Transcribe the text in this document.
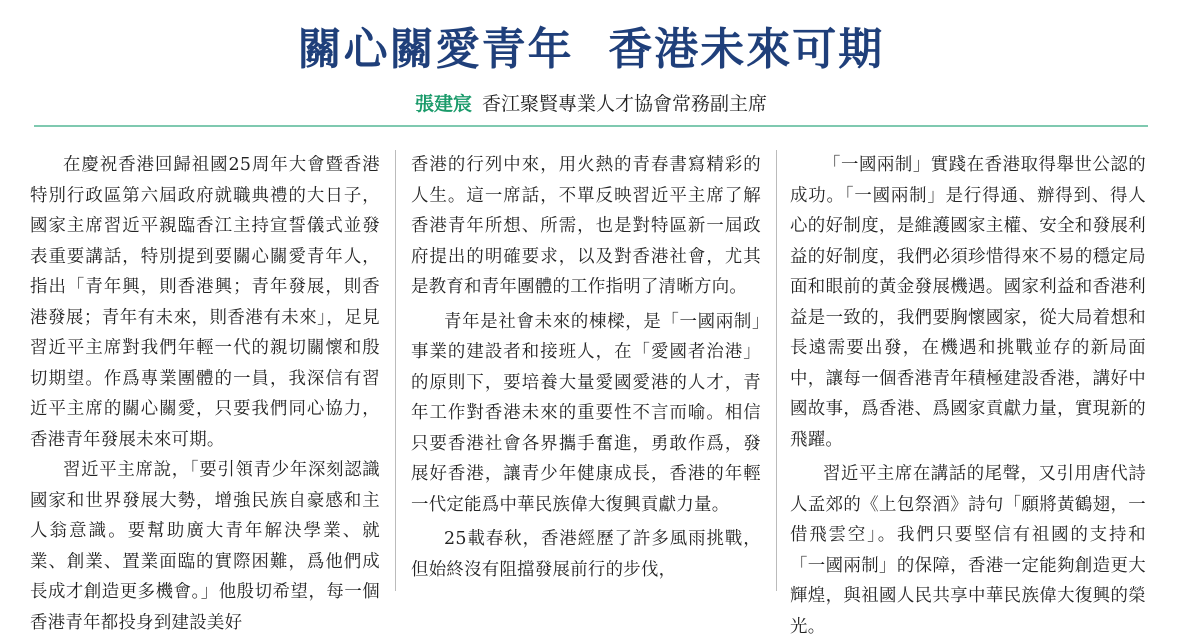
關心關愛青年  香港未來可期
張建宸 香江聚賢專業人才協會常務副主席

在慶祝香港回歸祖國25周年大會暨香港特別行政區第六屆政府就職典禮的大日子，國家主席習近平親臨香江主持宣誓儀式並發表重要講話，特別提到要關心關愛青年人，指出「青年興，則香港興；青年發展，則香港發展；青年有未來，則香港有未來」，足見習近平主席對我們年輕一代的親切關懷和殷切期望。作爲專業團體的一員，我深信有習近平主席的關心關愛，只要我們同心協力，香港青年發展未來可期。

習近平主席說，「要引領青少年深刻認識國家和世界發展大勢，增強民族自豪感和主人翁意識。要幫助廣大青年解決學業、就業、創業、置業面臨的實際困難，爲他們成長成才創造更多機會。」他殷切希望，每一個香港青年都投身到建設美好

香港的行列中來，用火熱的青春書寫精彩的人生。這一席話，不單反映習近平主席了解香港青年所想、所需，也是對特區新一屆政府提出的明確要求，以及對香港社會，尤其是教育和青年團體的工作指明了清晰方向。

青年是社會未來的棟樑，是「一國兩制」事業的建設者和接班人，在「愛國者治港」的原則下，要培養大量愛國愛港的人才，青年工作對香港未來的重要性不言而喻。相信只要香港社會各界攜手奮進，勇敢作爲，發展好香港，讓青少年健康成長，香港的年輕一代定能爲中華民族偉大復興貢獻力量。

25載春秋，香港經歷了許多風雨挑戰，但始終沒有阻擋發展前行的步伐，

「一國兩制」實踐在香港取得舉世公認的成功。「一國兩制」是行得通、辦得到、得人心的好制度，是維護國家主權、安全和發展利益的好制度，我們必須珍惜得來不易的穩定局面和眼前的黃金發展機遇。國家利益和香港利益是一致的，我們要胸懷國家，從大局着想和長遠需要出發，在機遇和挑戰並存的新局面中，讓每一個香港青年積極建設香港，講好中國故事，爲香港、爲國家貢獻力量，實現新的飛躍。

習近平主席在講話的尾聲，又引用唐代詩人孟郊的《上包祭酒》詩句「願將黃鶴翅，一借飛雲空」。我們只要堅信有祖國的支持和「一國兩制」的保障，香港一定能夠創造更大輝煌，與祖國人民共享中華民族偉大復興的榮光。
